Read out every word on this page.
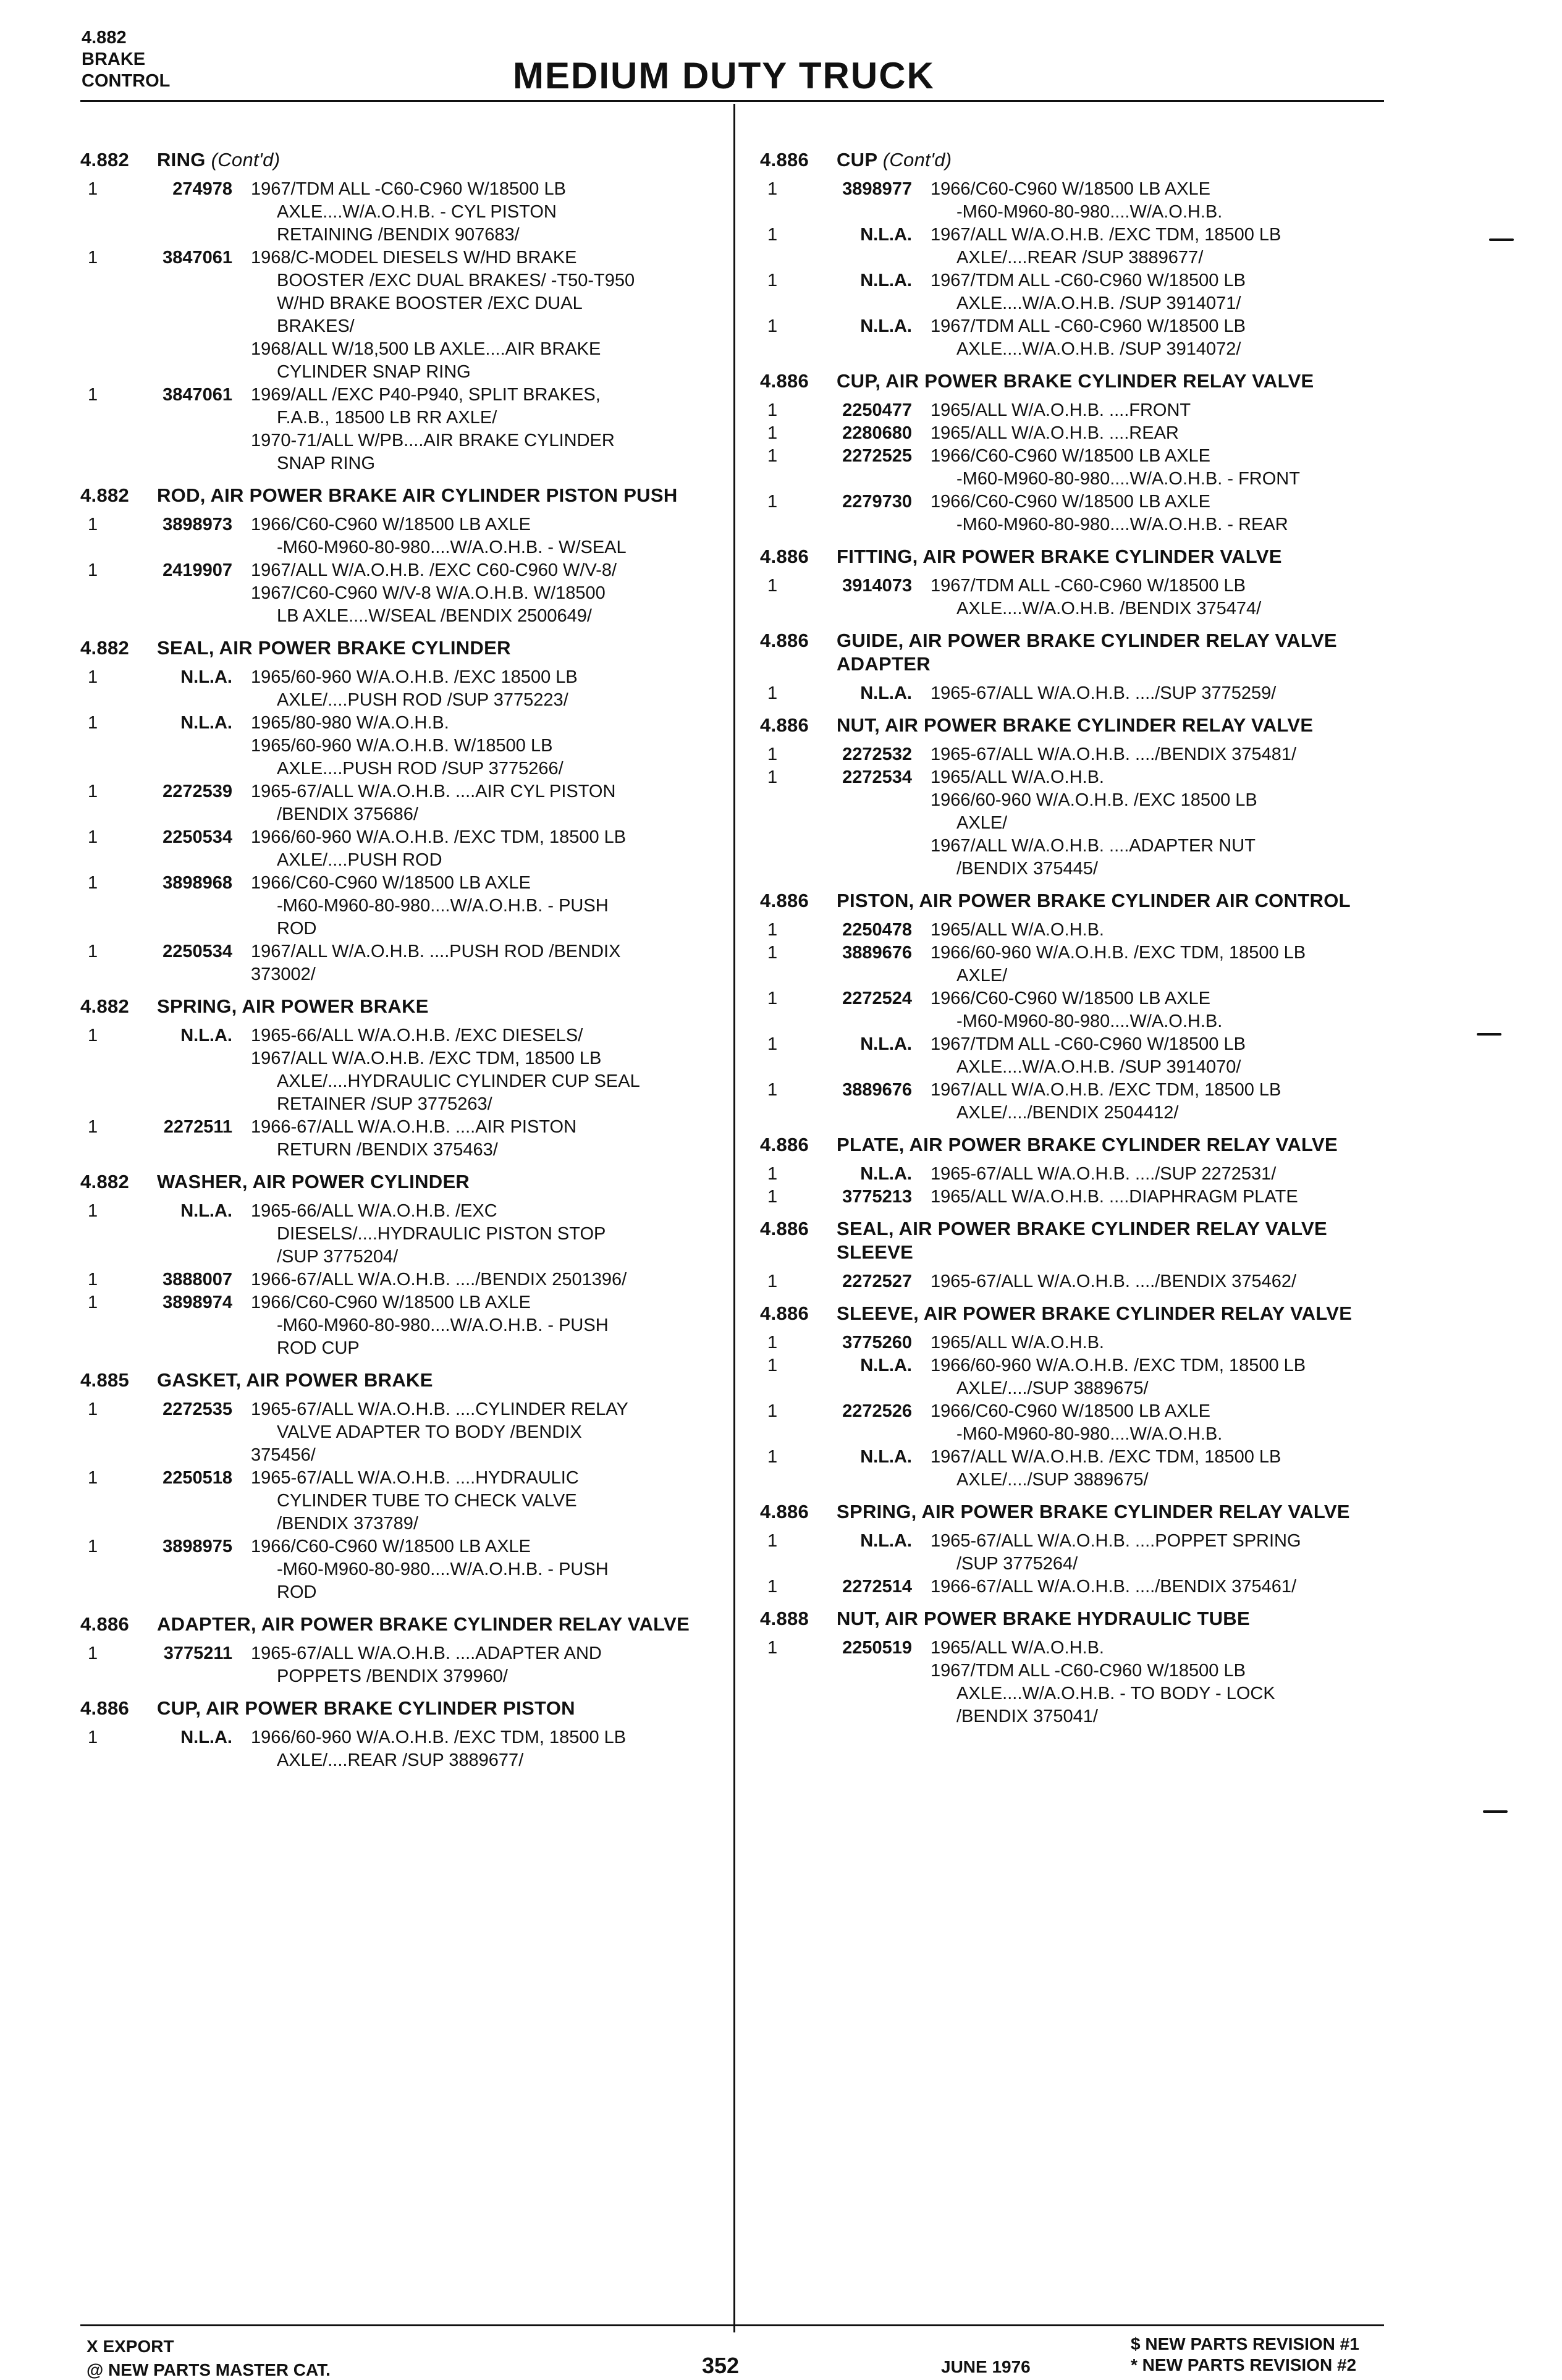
4.882
BRAKE
CONTROL	MEDIUM DUTY TRUCK
4.882	RING (Cont'd)
1	274978	1967/TDM ALL -C60-C960 W/18500 LB
AXLE....W/A.O.H.B. - CYL PISTON
RETAINING /BENDIX 907683/
1	3847061	1968/C-MODEL DIESELS W/HD BRAKE
BOOSTER /EXC DUAL BRAKES/ -T50-T950
W/HD BRAKE BOOSTER /EXC DUAL
BRAKES/
1968/ALL W/18,500 LB AXLE....AIR BRAKE
CYLINDER SNAP RING
1	3847061	1969/ALL /EXC P40-P940, SPLIT BRAKES,
F.A.B., 18500 LB RR AXLE/
1970-71/ALL W/PB....AIR BRAKE CYLINDER
SNAP RING
4.882	ROD, AIR POWER BRAKE AIR CYLINDER PISTON PUSH
1	3898973	1966/C60-C960 W/18500 LB AXLE
-M60-M960-80-980....W/A.O.H.B. - W/SEAL
1	2419907	1967/ALL W/A.O.H.B. /EXC C60-C960 W/V-8/
1967/C60-C960 W/V-8 W/A.O.H.B. W/18500
LB AXLE....W/SEAL /BENDIX 2500649/
4.882	SEAL, AIR POWER BRAKE CYLINDER
1	N.L.A.	1965/60-960 W/A.O.H.B. /EXC 18500 LB
AXLE/....PUSH ROD /SUP 3775223/
1	N.L.A.	1965/80-980 W/A.O.H.B.
1965/60-960 W/A.O.H.B. W/18500 LB
AXLE....PUSH ROD /SUP 3775266/
1	2272539	1965-67/ALL W/A.O.H.B. ....AIR CYL PISTON
/BENDIX 375686/
1	2250534	1966/60-960 W/A.O.H.B. /EXC TDM, 18500 LB
AXLE/....PUSH ROD
1	3898968	1966/C60-C960 W/18500 LB AXLE
-M60-M960-80-980....W/A.O.H.B. - PUSH
ROD
1	2250534	1967/ALL W/A.O.H.B. ....PUSH ROD /BENDIX
373002/
4.882	SPRING, AIR POWER BRAKE
1	N.L.A.	1965-66/ALL W/A.O.H.B. /EXC DIESELS/
1967/ALL W/A.O.H.B. /EXC TDM, 18500 LB
AXLE/....HYDRAULIC CYLINDER CUP SEAL
RETAINER /SUP 3775263/
1	2272511	1966-67/ALL W/A.O.H.B. ....AIR PISTON
RETURN /BENDIX 375463/
4.882	WASHER, AIR POWER CYLINDER
1	N.L.A.	1965-66/ALL W/A.O.H.B. /EXC
DIESELS/....HYDRAULIC PISTON STOP
/SUP 3775204/
1	3888007	1966-67/ALL W/A.O.H.B. ..../BENDIX 2501396/
1	3898974	1966/C60-C960 W/18500 LB AXLE
-M60-M960-80-980....W/A.O.H.B. - PUSH
ROD CUP
4.885	GASKET, AIR POWER BRAKE
1	2272535	1965-67/ALL W/A.O.H.B. ....CYLINDER RELAY
VALVE ADAPTER TO BODY /BENDIX
375456/
1	2250518	1965-67/ALL W/A.O.H.B. ....HYDRAULIC
CYLINDER TUBE TO CHECK VALVE
/BENDIX 373789/
1	3898975	1966/C60-C960 W/18500 LB AXLE
-M60-M960-80-980....W/A.O.H.B. - PUSH
ROD
4.886	ADAPTER, AIR POWER BRAKE CYLINDER RELAY VALVE
1	3775211	1965-67/ALL W/A.O.H.B. ....ADAPTER AND
POPPETS /BENDIX 379960/
4.886	CUP, AIR POWER BRAKE CYLINDER PISTON
1	N.L.A.	1966/60-960 W/A.O.H.B. /EXC TDM, 18500 LB
AXLE/....REAR /SUP 3889677/
4.886	CUP (Cont'd)
1	3898977	1966/C60-C960 W/18500 LB AXLE
-M60-M960-80-980....W/A.O.H.B.
1	N.L.A.	1967/ALL W/A.O.H.B. /EXC TDM, 18500 LB
AXLE/....REAR /SUP 3889677/
1	N.L.A.	1967/TDM ALL -C60-C960 W/18500 LB
AXLE....W/A.O.H.B. /SUP 3914071/
1	N.L.A.	1967/TDM ALL -C60-C960 W/18500 LB
AXLE....W/A.O.H.B. /SUP 3914072/
4.886	CUP, AIR POWER BRAKE CYLINDER RELAY VALVE
1	2250477	1965/ALL W/A.O.H.B. ....FRONT
1	2280680	1965/ALL W/A.O.H.B. ....REAR
1	2272525	1966/C60-C960 W/18500 LB AXLE
-M60-M960-80-980....W/A.O.H.B. - FRONT
1	2279730	1966/C60-C960 W/18500 LB AXLE
-M60-M960-80-980....W/A.O.H.B. - REAR
4.886	FITTING, AIR POWER BRAKE CYLINDER VALVE
1	3914073	1967/TDM ALL -C60-C960 W/18500 LB
AXLE....W/A.O.H.B. /BENDIX 375474/
4.886	GUIDE, AIR POWER BRAKE CYLINDER RELAY VALVE ADAPTER
1	N.L.A.	1965-67/ALL W/A.O.H.B. ..../SUP 3775259/
4.886	NUT, AIR POWER BRAKE CYLINDER RELAY VALVE
1	2272532	1965-67/ALL W/A.O.H.B. ..../BENDIX 375481/
1	2272534	1965/ALL W/A.O.H.B.
1966/60-960 W/A.O.H.B. /EXC 18500 LB
AXLE/
1967/ALL W/A.O.H.B. ....ADAPTER NUT
/BENDIX 375445/
4.886	PISTON, AIR POWER BRAKE CYLINDER AIR CONTROL
1	2250478	1965/ALL W/A.O.H.B.
1	3889676	1966/60-960 W/A.O.H.B. /EXC TDM, 18500 LB
AXLE/
1	2272524	1966/C60-C960 W/18500 LB AXLE
-M60-M960-80-980....W/A.O.H.B.
1	N.L.A.	1967/TDM ALL -C60-C960 W/18500 LB
AXLE....W/A.O.H.B. /SUP 3914070/
1	3889676	1967/ALL W/A.O.H.B. /EXC TDM, 18500 LB
AXLE/..../BENDIX 2504412/
4.886	PLATE, AIR POWER BRAKE CYLINDER RELAY VALVE
1	N.L.A.	1965-67/ALL W/A.O.H.B. ..../SUP 2272531/
1	3775213	1965/ALL W/A.O.H.B. ....DIAPHRAGM PLATE
4.886	SEAL, AIR POWER BRAKE CYLINDER RELAY VALVE SLEEVE
1	2272527	1965-67/ALL W/A.O.H.B. ..../BENDIX 375462/
4.886	SLEEVE, AIR POWER BRAKE CYLINDER RELAY VALVE
1	3775260	1965/ALL W/A.O.H.B.
1	N.L.A.	1966/60-960 W/A.O.H.B. /EXC TDM, 18500 LB
AXLE/..../SUP 3889675/
1	2272526	1966/C60-C960 W/18500 LB AXLE
-M60-M960-80-980....W/A.O.H.B.
1	N.L.A.	1967/ALL W/A.O.H.B. /EXC TDM, 18500 LB
AXLE/..../SUP 3889675/
4.886	SPRING, AIR POWER BRAKE CYLINDER RELAY VALVE
1	N.L.A.	1965-67/ALL W/A.O.H.B. ....POPPET SPRING
/SUP 3775264/
1	2272514	1966-67/ALL W/A.O.H.B. ..../BENDIX 375461/
4.888	NUT, AIR POWER BRAKE HYDRAULIC TUBE
1	2250519	1965/ALL W/A.O.H.B.
1967/TDM ALL -C60-C960 W/18500 LB
AXLE....W/A.O.H.B. - TO BODY - LOCK
/BENDIX 375041/
X EXPORT
@ NEW PARTS MASTER CAT.	352	JUNE 1976
$ NEW PARTS REVISION #1
* NEW PARTS REVISION #2
